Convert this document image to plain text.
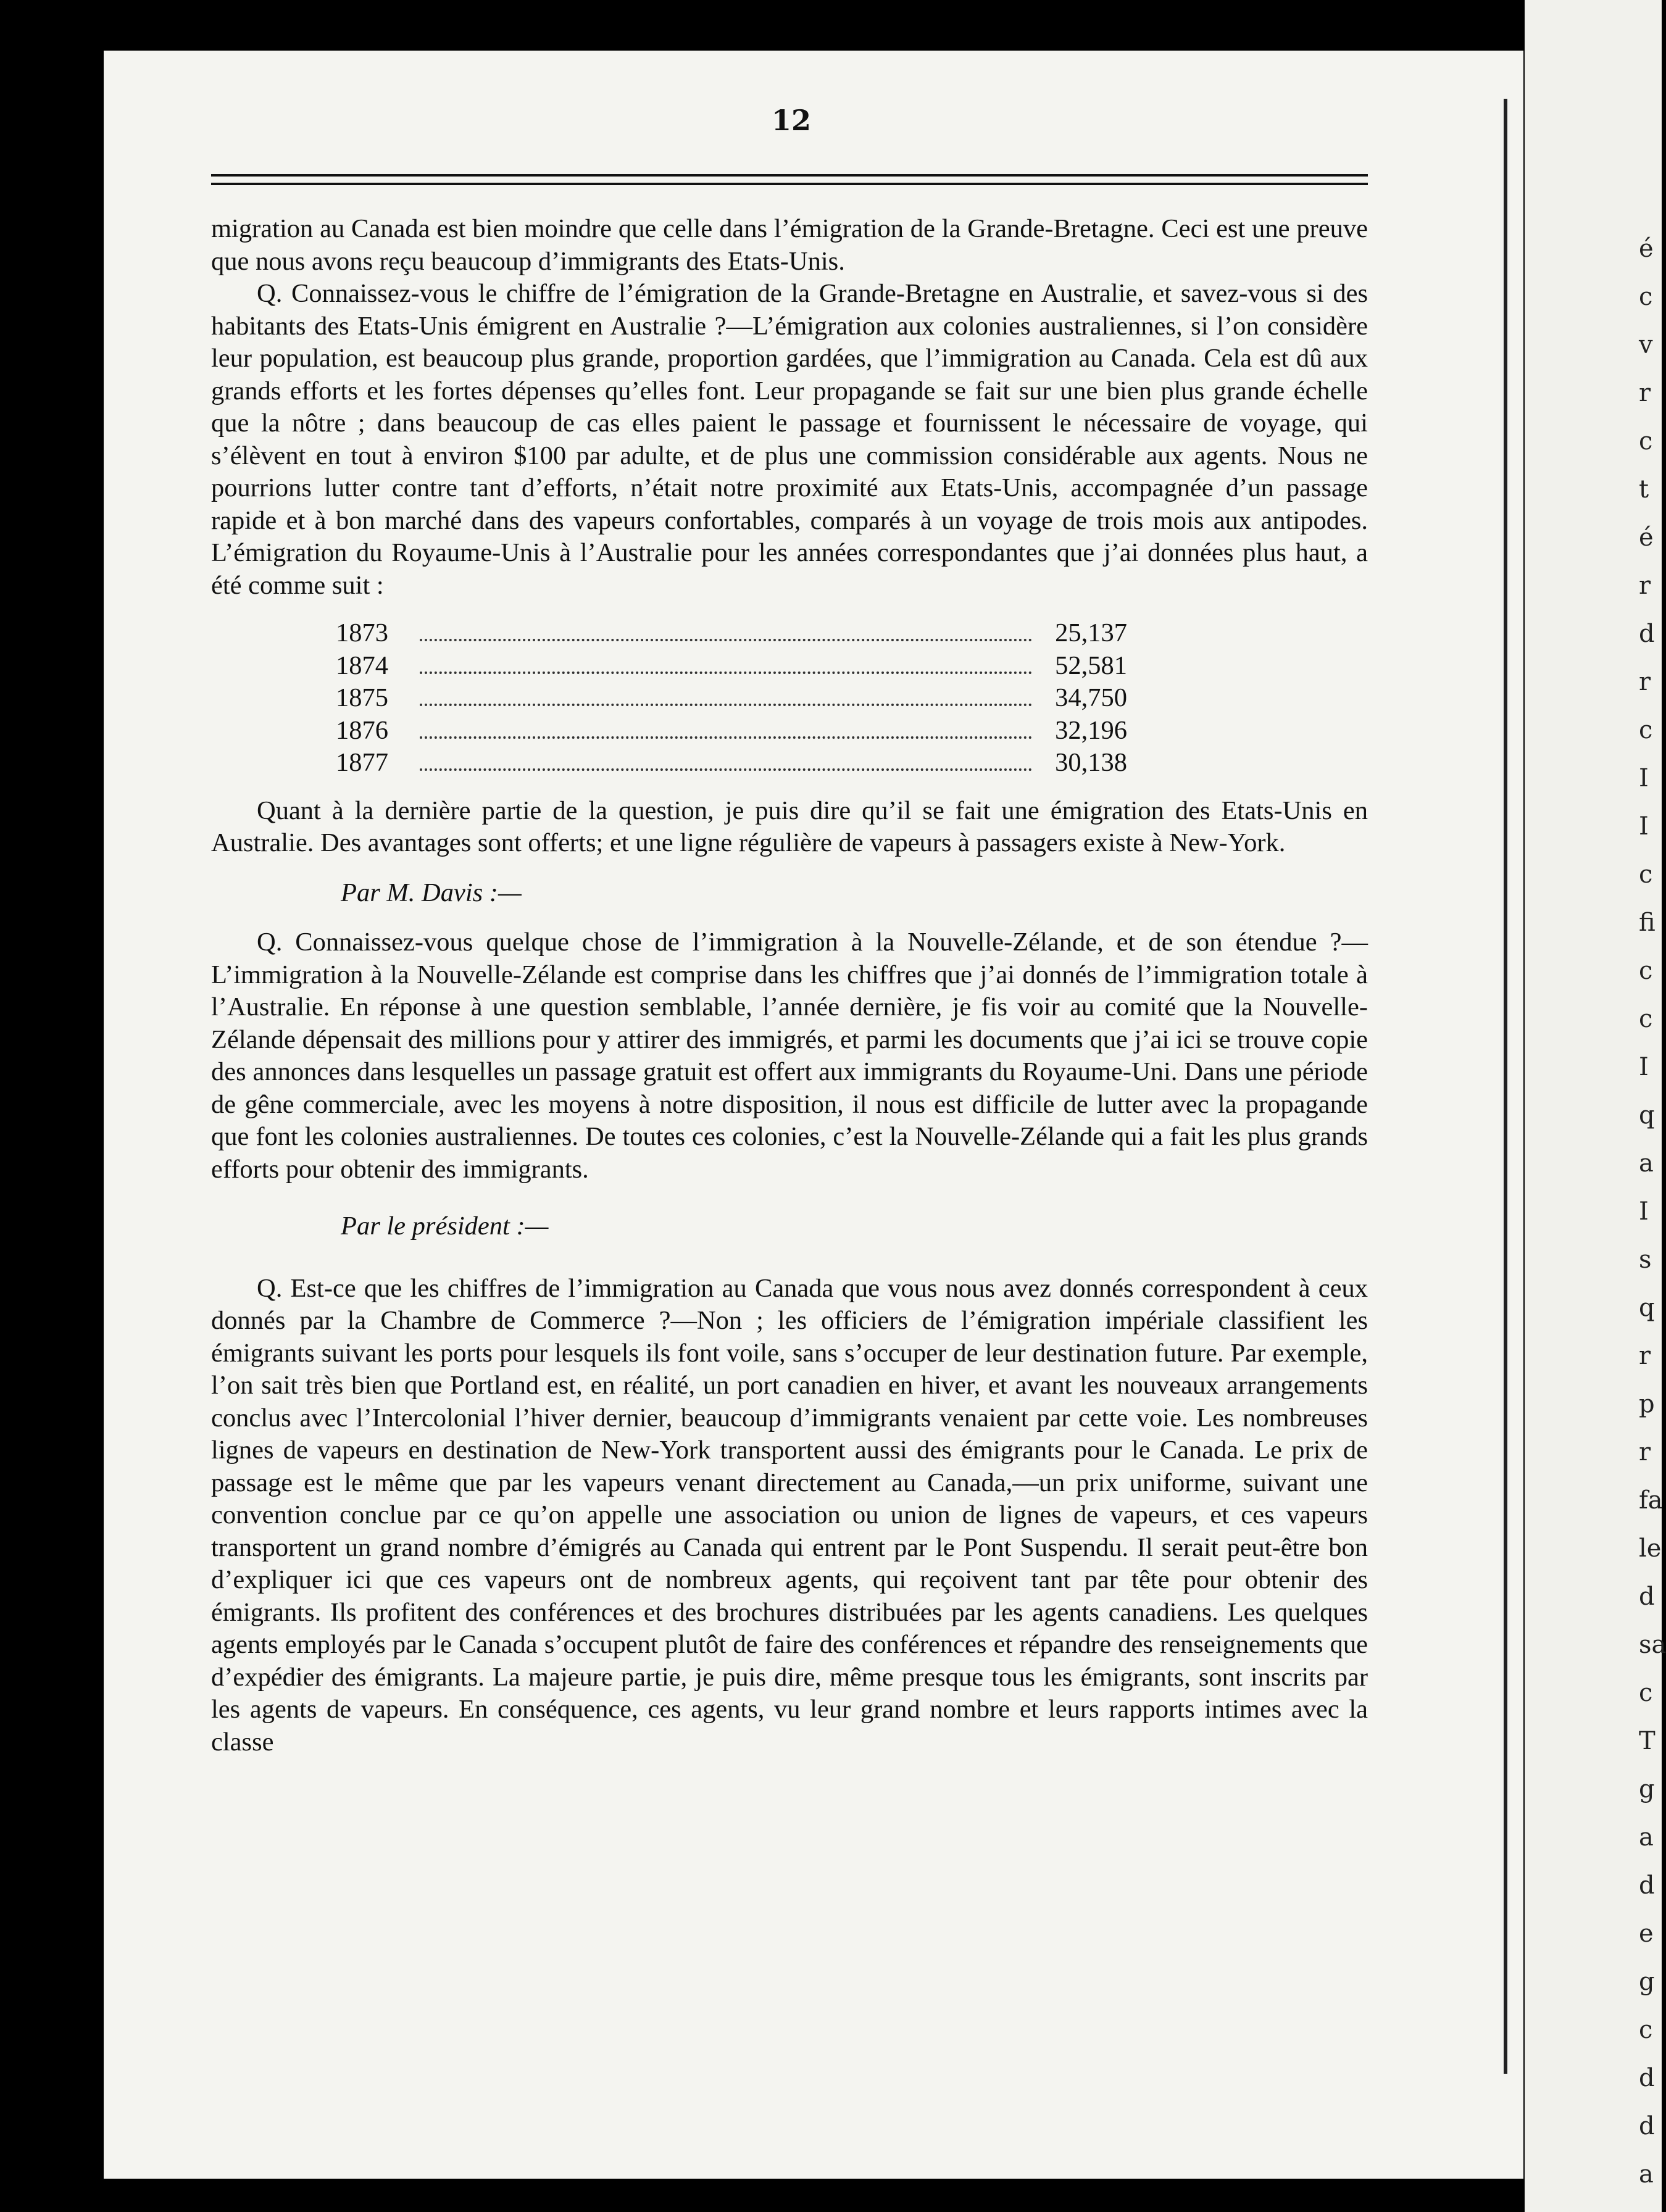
12

migration au Canada est bien moindre que celle dans l’émigration de la Grande-Bretagne. Ceci est une preuve que nous avons reçu beaucoup d’immigrants des Etats-Unis.

Q. Connaissez-vous le chiffre de l’émigration de la Grande-Bretagne en Australie, et savez-vous si des habitants des Etats-Unis émigrent en Australie ?—L’émigration aux colonies australiennes, si l’on considère leur population, est beaucoup plus grande, proportion gardées, que l’immigration au Canada. Cela est dû aux grands efforts et les fortes dépenses qu’elles font. Leur propagande se fait sur une bien plus grande échelle que la nôtre ; dans beaucoup de cas elles paient le passage et fournissent le nécessaire de voyage, qui s’élèvent en tout à environ $100 par adulte, et de plus une commission considérable aux agents. Nous ne pourrions lutter contre tant d’efforts, n’était notre proximité aux Etats-Unis, accompagnée d’un passage rapide et à bon marché dans des vapeurs confortables, comparés à un voyage de trois mois aux antipodes. L’émigration du Royaume-Unis à l’Australie pour les années correspondantes que j’ai données plus haut, a été comme suit :

1873	25,137
1874	52,581
1875	34,750
1876	32,196
1877	30,138

Quant à la dernière partie de la question, je puis dire qu’il se fait une émigration des Etats-Unis en Australie. Des avantages sont offerts; et une ligne régulière de vapeurs à passagers existe à New-York.

Par M. Davis :—

Q. Connaissez-vous quelque chose de l’immigration à la Nouvelle-Zélande, et de son étendue ?—L’immigration à la Nouvelle-Zélande est comprise dans les chiffres que j’ai donnés de l’immigration totale à l’Australie. En réponse à une question semblable, l’année dernière, je fis voir au comité que la Nouvelle-Zélande dépensait des millions pour y attirer des immigrés, et parmi les documents que j’ai ici se trouve copie des annonces dans lesquelles un passage gratuit est offert aux immigrants du Royaume-Uni. Dans une période de gêne commerciale, avec les moyens à notre disposition, il nous est difficile de lutter avec la propagande que font les colonies australiennes. De toutes ces colonies, c’est la Nouvelle-Zélande qui a fait les plus grands efforts pour obtenir des immigrants.

Par le président :—

Q. Est-ce que les chiffres de l’immigration au Canada que vous nous avez donnés correspondent à ceux donnés par la Chambre de Commerce ?—Non ; les officiers de l’émigration impériale classifient les émigrants suivant les ports pour lesquels ils font voile, sans s’occuper de leur destination future. Par exemple, l’on sait très bien que Portland est, en réalité, un port canadien en hiver, et avant les nouveaux arrangements conclus avec l’Intercolonial l’hiver dernier, beaucoup d’immigrants venaient par cette voie. Les nombreuses lignes de vapeurs en destination de New-York transportent aussi des émigrants pour le Canada. Le prix de passage est le même que par les vapeurs venant directement au Canada,—un prix uniforme, suivant une convention conclue par ce qu’on appelle une association ou union de lignes de vapeurs, et ces vapeurs transportent un grand nombre d’émigrés au Canada qui entrent par le Pont Suspendu. Il serait peut-être bon d’expliquer ici que ces vapeurs ont de nombreux agents, qui reçoivent tant par tête pour obtenir des émigrants. Ils profitent des conférences et des brochures distribuées par les agents canadiens. Les quelques agents employés par le Canada s’occupent plutôt de faire des conférences et répandre des renseignements que d’expédier des émigrants. La majeure partie, je puis dire, même presque tous les émigrants, sont inscrits par les agents de vapeurs. En conséquence, ces agents, vu leur grand nombre et leurs rapports intimes avec la classe

é
c
v
r
c
t
é
r
d
r
c
I
I
c
fi
c
c
I
q
a
I
s
q
r
p
r
fa
le
d
sa
c
T
g
a
d
e
g
c
d
d
a
